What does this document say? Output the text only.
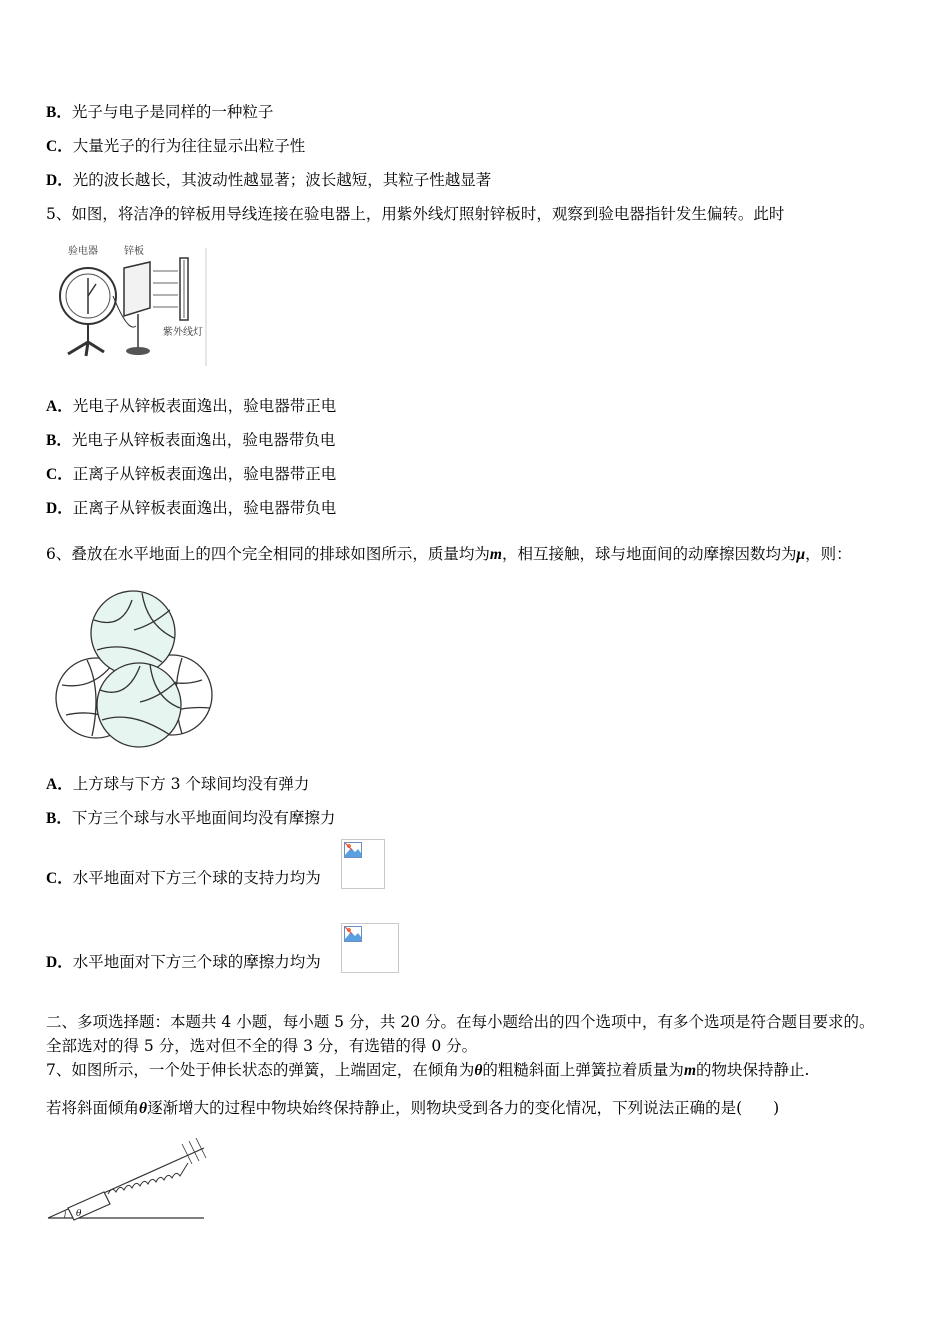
B．光子与电子是同样的一种粒子
C．大量光子的行为往往显示出粒子性
D．光的波长越长，其波动性越显著；波长越短，其粒子性越显著
5、如图，将洁净的锌板用导线连接在验电器上，用紫外线灯照射锌板时，观察到验电器指针发生偏转。此时
验电器	锌板
紫外线灯
A．光电子从锌板表面逸出，验电器带正电
B．光电子从锌板表面逸出，验电器带负电
C．正离子从锌板表面逸出，验电器带正电
D．正离子从锌板表面逸出，验电器带负电
6、叠放在水平地面上的四个完全相同的排球如图所示，质量均为m，相互接触，球与地面间的动摩擦因数均为μ，则：
A．上方球与下方 3 个球间均没有弹力
B．下方三个球与水平地面间均没有摩擦力
C．水平地面对下方三个球的支持力均为
D．水平地面对下方三个球的摩擦力均为
二、多项选择题：本题共 4 小题，每小题 5 分，共 20 分。在每小题给出的四个选项中，有多个选项是符合题目要求的。
全部选对的得 5 分，选对但不全的得 3 分，有选错的得 0 分。
7、如图所示，一个处于伸长状态的弹簧，上端固定，在倾角为θ的粗糙斜面上弹簧拉着质量为m的物块保持静止.
若将斜面倾角θ逐渐增大的过程中物块始终保持静止，则物块受到各力的变化情况，下列说法正确的是(　　)
θ
